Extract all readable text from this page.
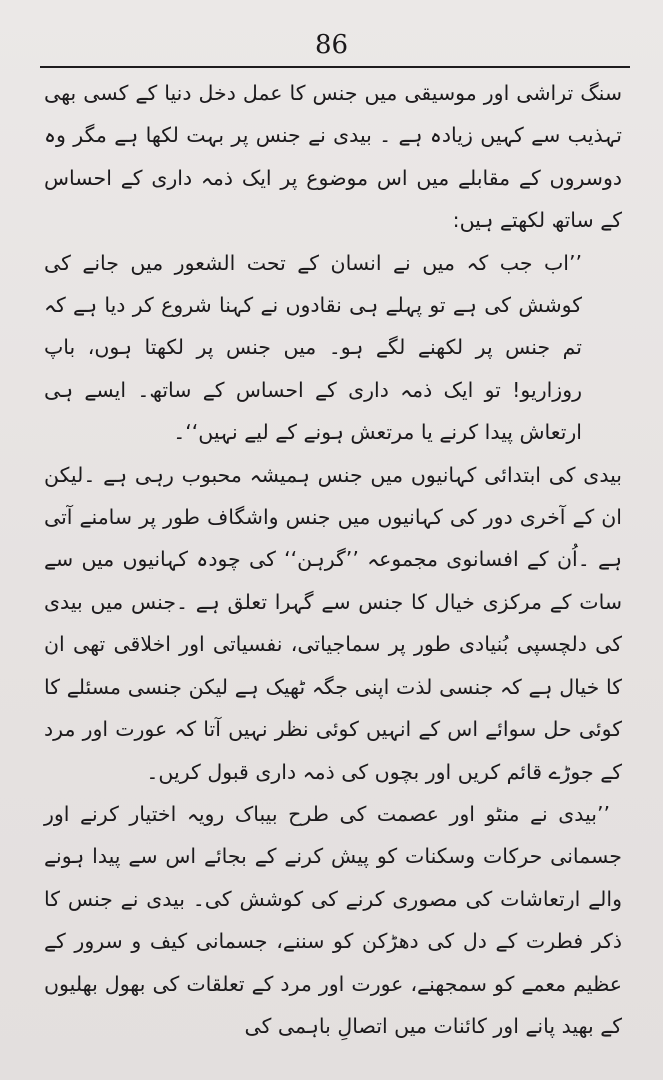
86

سنگ تراشی اور موسیقی میں جنس کا عمل دخل دنیا کے کسی بھی تہذیب سے کہیں زیادہ ہے ۔ بیدی نے جنس پر بہت لکھا ہے مگر وہ دوسروں کے مقابلے میں اس موضوع پر ایک ذمہ داری کے احساس کے ساتھ لکھتے ہیں:

’’اب جب کہ میں نے انسان کے تحت الشعور میں جانے کی کوشش کی ہے تو پہلے ہی نقادوں نے کہنا شروع کر دیا ہے کہ تم جنس پر لکھنے لگے ہو۔ میں جنس پر لکھتا ہوں، باپ روزاریو! تو ایک ذمہ داری کے احساس کے ساتھ۔ ایسے ہی ارتعاش پیدا کرنے یا مرتعش ہونے کے لیے نہیں‘‘۔

بیدی کی ابتدائی کہانیوں میں جنس ہمیشہ محبوب رہی ہے ۔لیکن ان کے آخری دور کی کہانیوں میں جنس واشگاف طور پر سامنے آتی ہے ۔اُن کے افسانوی مجموعہ ’’گرہن‘‘ کی چودہ کہانیوں میں سے سات کے مرکزی خیال کا جنس سے گہرا تعلق ہے ۔جنس میں بیدی کی دلچسپی بُنیادی طور پر سماجیاتی، نفسیاتی اور اخلاقی تھی ان کا خیال ہے کہ جنسی لذت اپنی جگہ ٹھیک ہے لیکن جنسی مسئلے کا کوئی حل سوائے اس کے انہیں کوئی نظر نہیں آتا کہ عورت اور مرد کے جوڑے قائم کریں اور بچوں کی ذمہ داری قبول کریں۔

’’بیدی نے منٹو اور عصمت کی طرح بیباک رویہ اختیار کرنے اور جسمانی حرکات وسکنات کو پیش کرنے کے بجائے اس سے پیدا ہونے والے ارتعاشات کی مصوری کرنے کی کوشش کی۔ بیدی نے جنس کا ذکر فطرت کے دل کی دھڑکن کو سننے، جسمانی کیف و سرور کے عظیم معمے کو سمجھنے، عورت اور مرد کے تعلقات کی بھول بھلیوں کے بھید پانے اور کائنات میں اتصالِ باہمی کی
